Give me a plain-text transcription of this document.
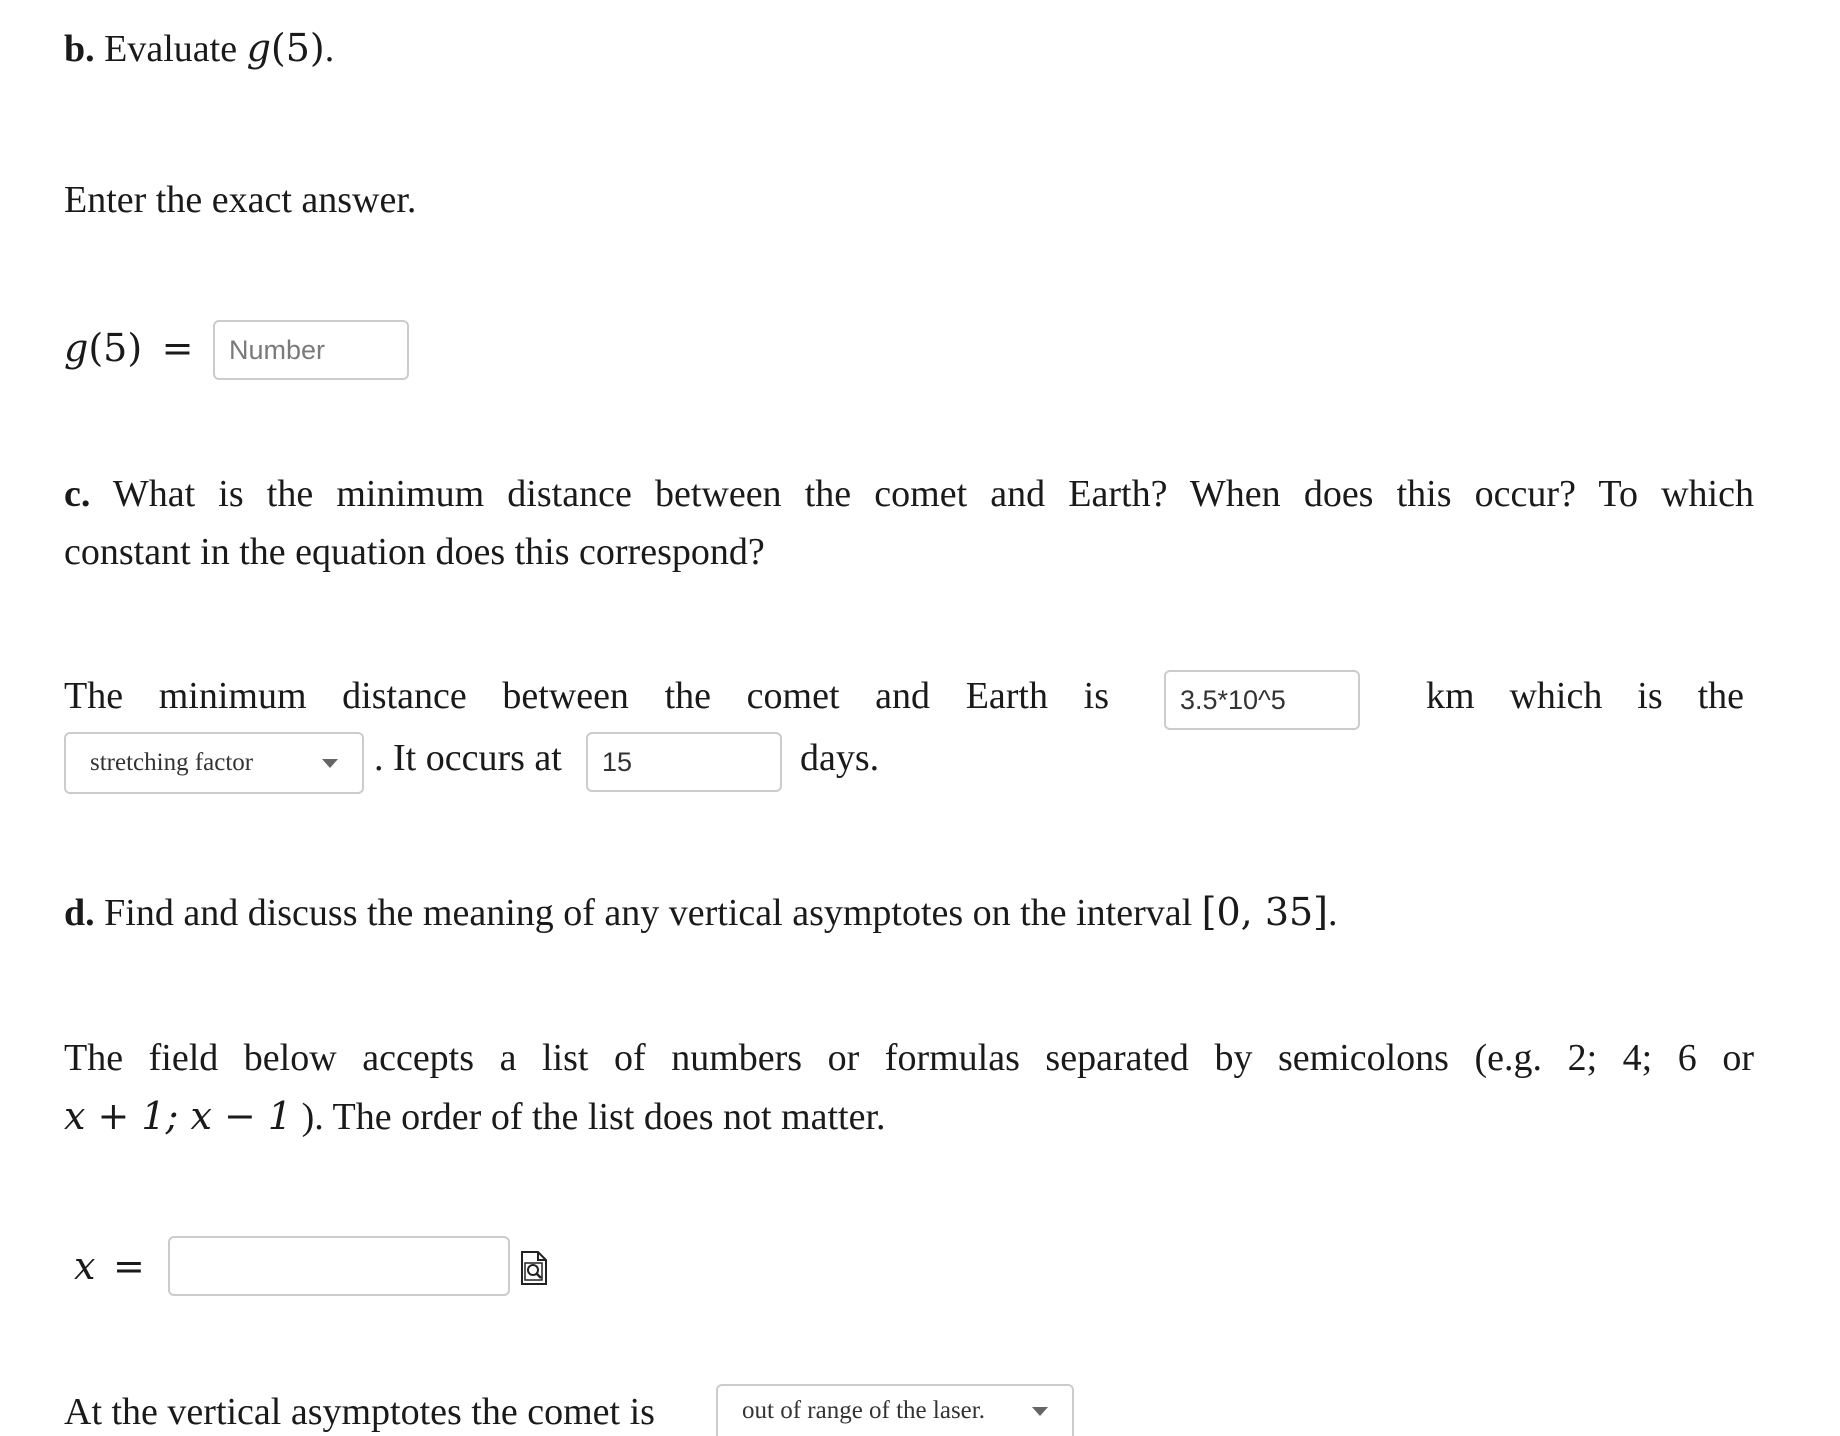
b. Evaluate g(5).
Enter the exact answer.
g(5) = Number
c. What is the minimum distance between the comet and Earth? When does this occur? To which
constant in the equation does this correspond?
The minimum distance between the comet and Earth is	3.5*10^5	km which is the
stretching factor	. It occurs at 15	days.
d. Find and discuss the meaning of any vertical asymptotes on the interval [0, 35].
The field below accepts a list of numbers or formulas separated by semicolons (e.g. 2; 4; 6 or
x + 1; x − 1 ). The order of the list does not matter.
x =
At the vertical asymptotes the comet is	out of range of the laser.
